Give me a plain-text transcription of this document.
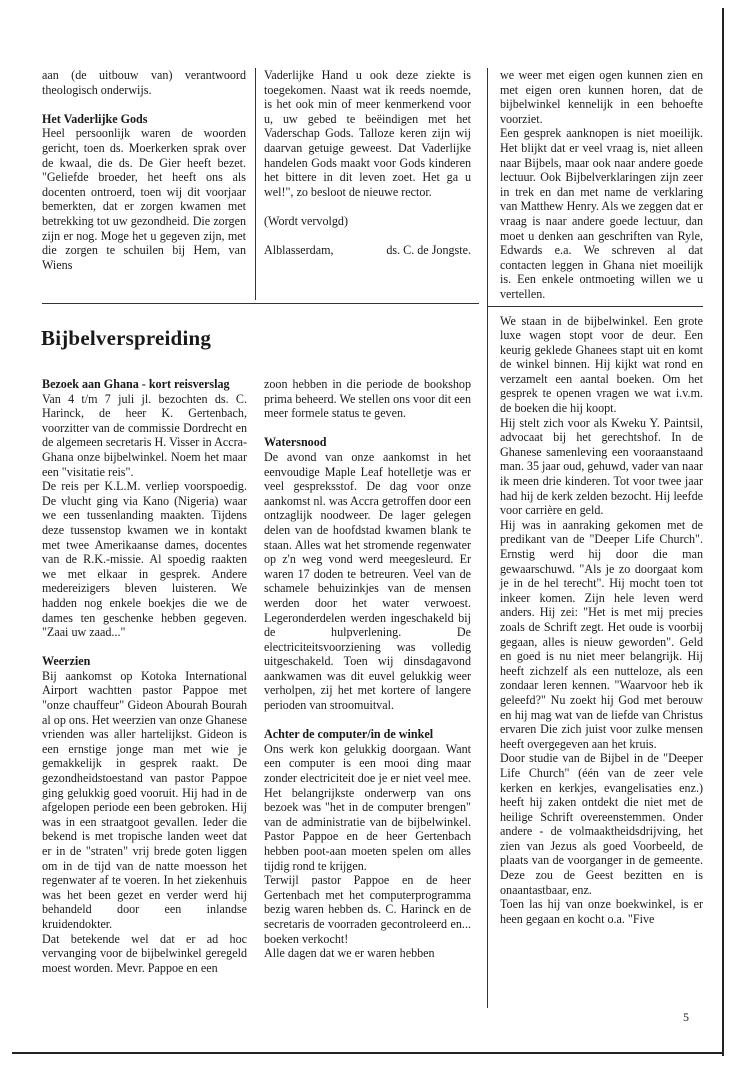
aan (de uitbouw van) verantwoord theologisch onderwijs.

Het Vaderlijke Gods

Heel persoonlijk waren de woorden gericht, toen ds. Moerkerken sprak over de kwaal, die ds. De Gier heeft bezet. "Geliefde broeder, het heeft ons als docenten ontroerd, toen wij dit voorjaar bemerkten, dat er zorgen kwamen met betrekking tot uw gezondheid. Die zorgen zijn er nog. Moge het u gegeven zijn, met die zorgen te schuilen bij Hem, van Wiens

Vaderlijke Hand u ook deze ziekte is toegekomen. Naast wat ik reeds noemde, is het ook min of meer kenmerkend voor u, uw gebed te beëindigen met het Vaderschap Gods. Talloze keren zijn wij daarvan getuige geweest. Dat Vaderlijke handelen Gods maakt voor Gods kinderen het bittere in dit leven zoet. Het ga u wel!", zo besloot de nieuwe rector.

(Wordt vervolgd)

Alblasserdam,	ds. C. de Jongste.
Bijbelverspreiding

Bezoek aan Ghana - kort reisverslag

Van 4 t/m 7 juli jl. bezochten ds. C. Harinck, de heer K. Gertenbach, voorzitter van de commissie Dordrecht en de algemeen secretaris H. Visser in Accra-Ghana onze bijbelwinkel. Noem het maar een "visitatie reis".

De reis per K.L.M. verliep voorspoedig. De vlucht ging via Kano (Nigeria) waar we een tussenlanding maakten. Tijdens deze tussenstop kwamen we in kontakt met twee Amerikaanse dames, docentes van de R.K.-missie. Al spoedig raakten we met elkaar in gesprek. Andere medereizigers bleven luisteren. We hadden nog enkele boekjes die we de dames ten geschenke hebben gegeven. "Zaai uw zaad..."

Weerzien

Bij aankomst op Kotoka International Airport wachtten pastor Pappoe met "onze chauffeur" Gideon Abourah Bourah al op ons. Het weerzien van onze Ghanese vrienden was aller hartelijkst. Gideon is een ernstige jonge man met wie je gemakkelijk in gesprek raakt. De gezondheidstoestand van pastor Pappoe ging gelukkig goed vooruit. Hij had in de afgelopen periode een been gebroken. Hij was in een straatgoot gevallen. Ieder die bekend is met tropische landen weet dat er in de "straten" vrij brede goten liggen om in de tijd van de natte moesson het regenwater af te voeren. In het ziekenhuis was het been gezet en verder werd hij behandeld door een inlandse kruidendokter.

Dat betekende wel dat er ad hoc vervanging voor de bijbelwinkel geregeld moest worden. Mevr. Pappoe en een

zoon hebben in die periode de bookshop prima beheerd. We stellen ons voor dit een meer formele status te geven.

Watersnood

De avond van onze aankomst in het eenvoudige Maple Leaf hotelletje was er veel gespreksstof. De dag voor onze aankomst nl. was Accra getroffen door een ontzaglijk noodweer. De lager gelegen delen van de hoofdstad kwamen blank te staan. Alles wat het stromende regenwater op z'n weg vond werd meegesleurd. Er waren 17 doden te betreuren. Veel van de schamele behuizinkjes van de mensen werden door het water verwoest. Legeronderdelen werden ingeschakeld bij de hulpverlening. De electriciteitsvoorziening was volledig uitgeschakeld. Toen wij dinsdagavond aankwamen was dit euvel gelukkig weer verholpen, zij het met kortere of langere perioden van stroomuitval.

Achter de computer/in de winkel

Ons werk kon gelukkig doorgaan. Want een computer is een mooi ding maar zonder electriciteit doe je er niet veel mee. Het belangrijkste onderwerp van ons bezoek was "het in de computer brengen" van de administratie van de bijbelwinkel. Pastor Pappoe en de heer Gertenbach hebben poot-aan moeten spelen om alles tijdig rond te krijgen.

Terwijl pastor Pappoe en de heer Gertenbach met het computerprogramma bezig waren hebben ds. C. Harinck en de secretaris de voorraden gecontroleerd en... boeken verkocht!

Alle dagen dat we er waren hebben

we weer met eigen ogen kunnen zien en met eigen oren kunnen horen, dat de bijbelwinkel kennelijk in een behoefte voorziet.

Een gesprek aanknopen is niet moeilijk. Het blijkt dat er veel vraag is, niet alleen naar Bijbels, maar ook naar andere goede lectuur. Ook Bijbelverklaringen zijn zeer in trek en dan met name de verklaring van Matthew Henry. Als we zeggen dat er vraag is naar andere goede lectuur, dan moet u denken aan geschriften van Ryle, Edwards e.a. We schreven al dat contacten leggen in Ghana niet moeilijk is. Een enkele ontmoeting willen we u vertellen.

We staan in de bijbelwinkel. Een grote luxe wagen stopt voor de deur. Een keurig geklede Ghanees stapt uit en komt de winkel binnen. Hij kijkt wat rond en verzamelt een aantal boeken. Om het gesprek te openen vragen we wat i.v.m. de boeken die hij koopt.

Hij stelt zich voor als Kweku Y. Paintsil, advocaat bij het gerechtshof. In de Ghanese samenleving een vooraanstaand man. 35 jaar oud, gehuwd, vader van naar ik meen drie kinderen. Tot voor twee jaar had hij de kerk zelden bezocht. Hij leefde voor carrière en geld.

Hij was in aanraking gekomen met de predikant van de "Deeper Life Church". Ernstig werd hij door die man gewaarschuwd. "Als je zo doorgaat kom je in de hel terecht". Hij mocht toen tot inkeer komen. Zijn hele leven werd anders. Hij zei: "Het is met mij precies zoals de Schrift zegt. Het oude is voorbij gegaan, alles is nieuw geworden". Geld en goed is nu niet meer belangrijk. Hij heeft zichzelf als een nutteloze, als een zondaar leren kennen. "Waarvoor heb ik geleefd?" Nu zoekt hij God met berouw en hij mag wat van de liefde van Christus ervaren Die zich juist voor zulke mensen heeft overgegeven aan het kruis.

Door studie van de Bijbel in de "Deeper Life Church" (één van de zeer vele kerken en kerkjes, evangelisaties enz.) heeft hij zaken ontdekt die niet met de heilige Schrift overeenstemmen. Onder andere - de volmaaktheidsdrijving, het zien van Jezus als goed Voorbeeld, de plaats van de voorganger in de gemeente. Deze zou de Geest bezitten en is onaantastbaar, enz.

Toen las hij van onze boekwinkel, is er heen gegaan en kocht o.a. "Five

5
